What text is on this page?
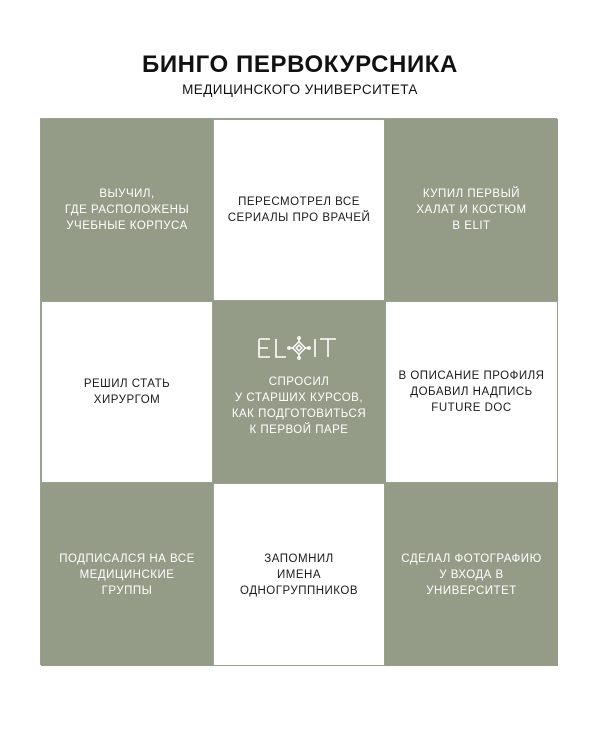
БИНГО ПЕРВОКУРСНИКА
МЕДИЦИНСКОГО УНИВЕРСИТЕТА
ВЫУЧИЛ,
ГДЕ РАСПОЛОЖЕНЫ
УЧЕБНЫЕ КОРПУСА
ПЕРЕСМОТРЕЛ ВСЕ
СЕРИАЛЫ ПРО ВРАЧЕЙ
КУПИЛ ПЕРВЫЙ
ХАЛАТ И КОСТЮМ
В ELIT
РЕШИЛ СТАТЬ
ХИРУРГОМ
СПРОСИЛ
У СТАРШИХ КУРСОВ,
КАК ПОДГОТОВИТЬСЯ
К ПЕРВОЙ ПАРЕ
В ОПИСАНИЕ ПРОФИЛЯ
ДОБАВИЛ НАДПИСЬ
FUTURE DOC
ПОДПИСАЛСЯ НА ВСЕ
МЕДИЦИНСКИЕ ГРУППЫ
ЗАПОМНИЛ
ИМЕНА
ОДНОГРУППНИКОВ
СДЕЛАЛ ФОТОГРАФИЮ
У ВХОДА В УНИВЕРСИТЕТ
